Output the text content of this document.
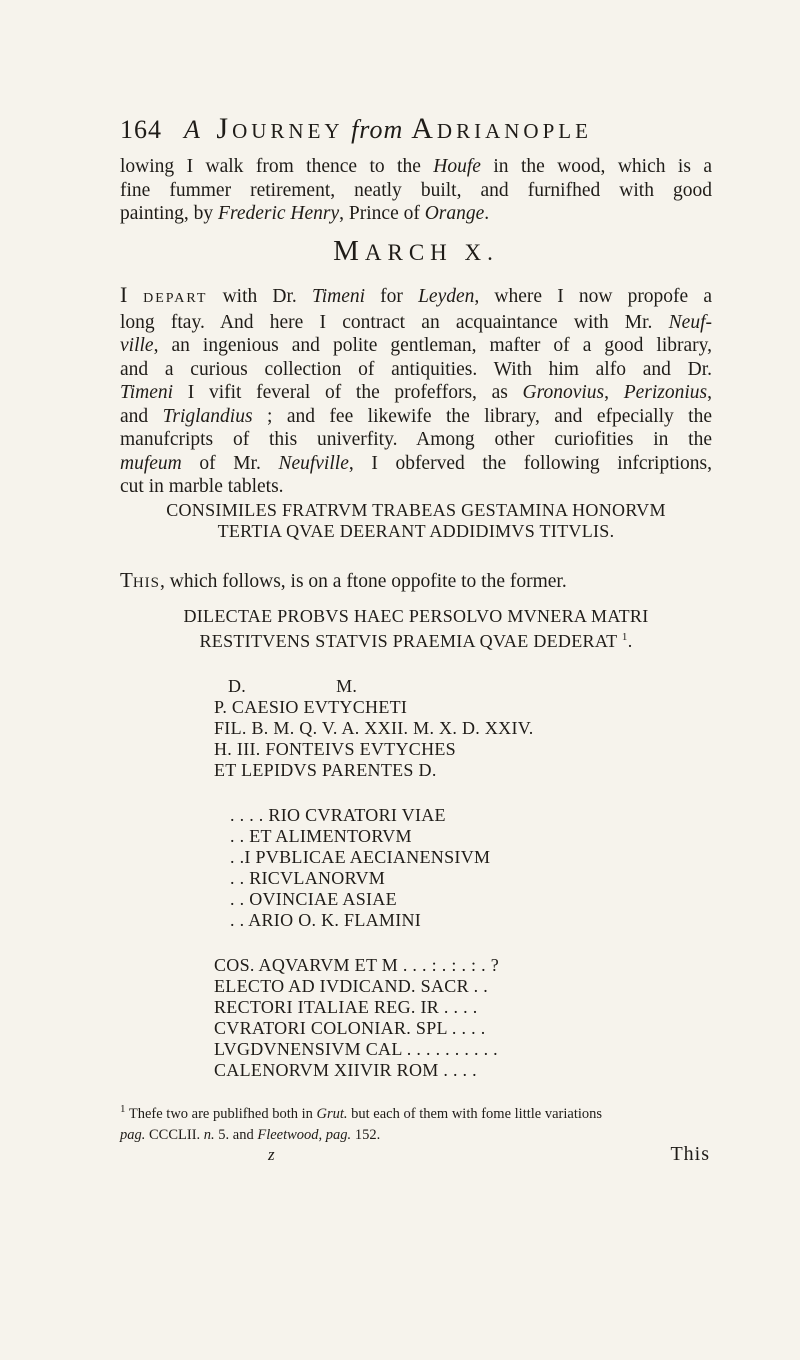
164 A JOURNEY from ADRIANOPLE
lowing I walk from thence to the Houfe in the wood, which is a
fine fummer retirement, neatly built, and furnifhed with good
painting, by Frederic Henry, Prince of Orange.
MARCH X.
I DEPART with Dr. Timeni for Leyden, where I now propofe a
long ftay. And here I contract an acquaintance with Mr. Neuf-
ville, an ingenious and polite gentleman, mafter of a good library,
and a curious collection of antiquities. With him alfo and Dr.
Timeni I vifit feveral of the profeffors, as Gronovius, Perizonius,
and Triglandius ; and fee likewife the library, and efpecially the
manufcripts of this univerfity. Among other curiofities in the
mufeum of Mr. Neufville, I obferved the following infcriptions,
cut in marble tablets.
CONSIMILES FRATRVM TRABEAS GESTAMINA HONORVM
TERTIA QVAE DEERANT ADDIDIMVS TITVLIS.
THIS, which follows, is on a ftone oppofite to the former.
DILECTAE PROBVS HAEC PERSOLVO MVNERA MATRI
RESTITVENS STATVIS PRAEMIA QVAE DEDERAT $^1$.
D.	M.
P. CAESIO EVTYCHETI
FIL. B. M. Q. V. A. XXII. M. X. D. XXIV.
H. III. FONTEIVS EVTYCHES
ET LEPIDVS PARENTES D.
. . . . RIO CVRATORI VIAE
. . ET ALIMENTORVM
. .I PVBLICAE AECIANENSIVM
. . RICVLANORVM
. . OVINCIAE ASIAE
. . ARIO O. K. FLAMINI
COS. AQVARVM ET M . . . : . : . : . ?
ELECTO AD IVDICAND. SACR . .
RECTORI ITALIAE REG. IR . . . .
CVRATORI COLONIAR. SPL . . . .
LVGDVNENSIVM CAL . . . . . . . . . .
CALENORVM XIIVIR ROM . . . .
$^1$ Thefe two are publifhed both in Grut. but each of them with fome little variations
pag. CCCLII. n. 5. and Fleetwood, pag. 152.
z	This
